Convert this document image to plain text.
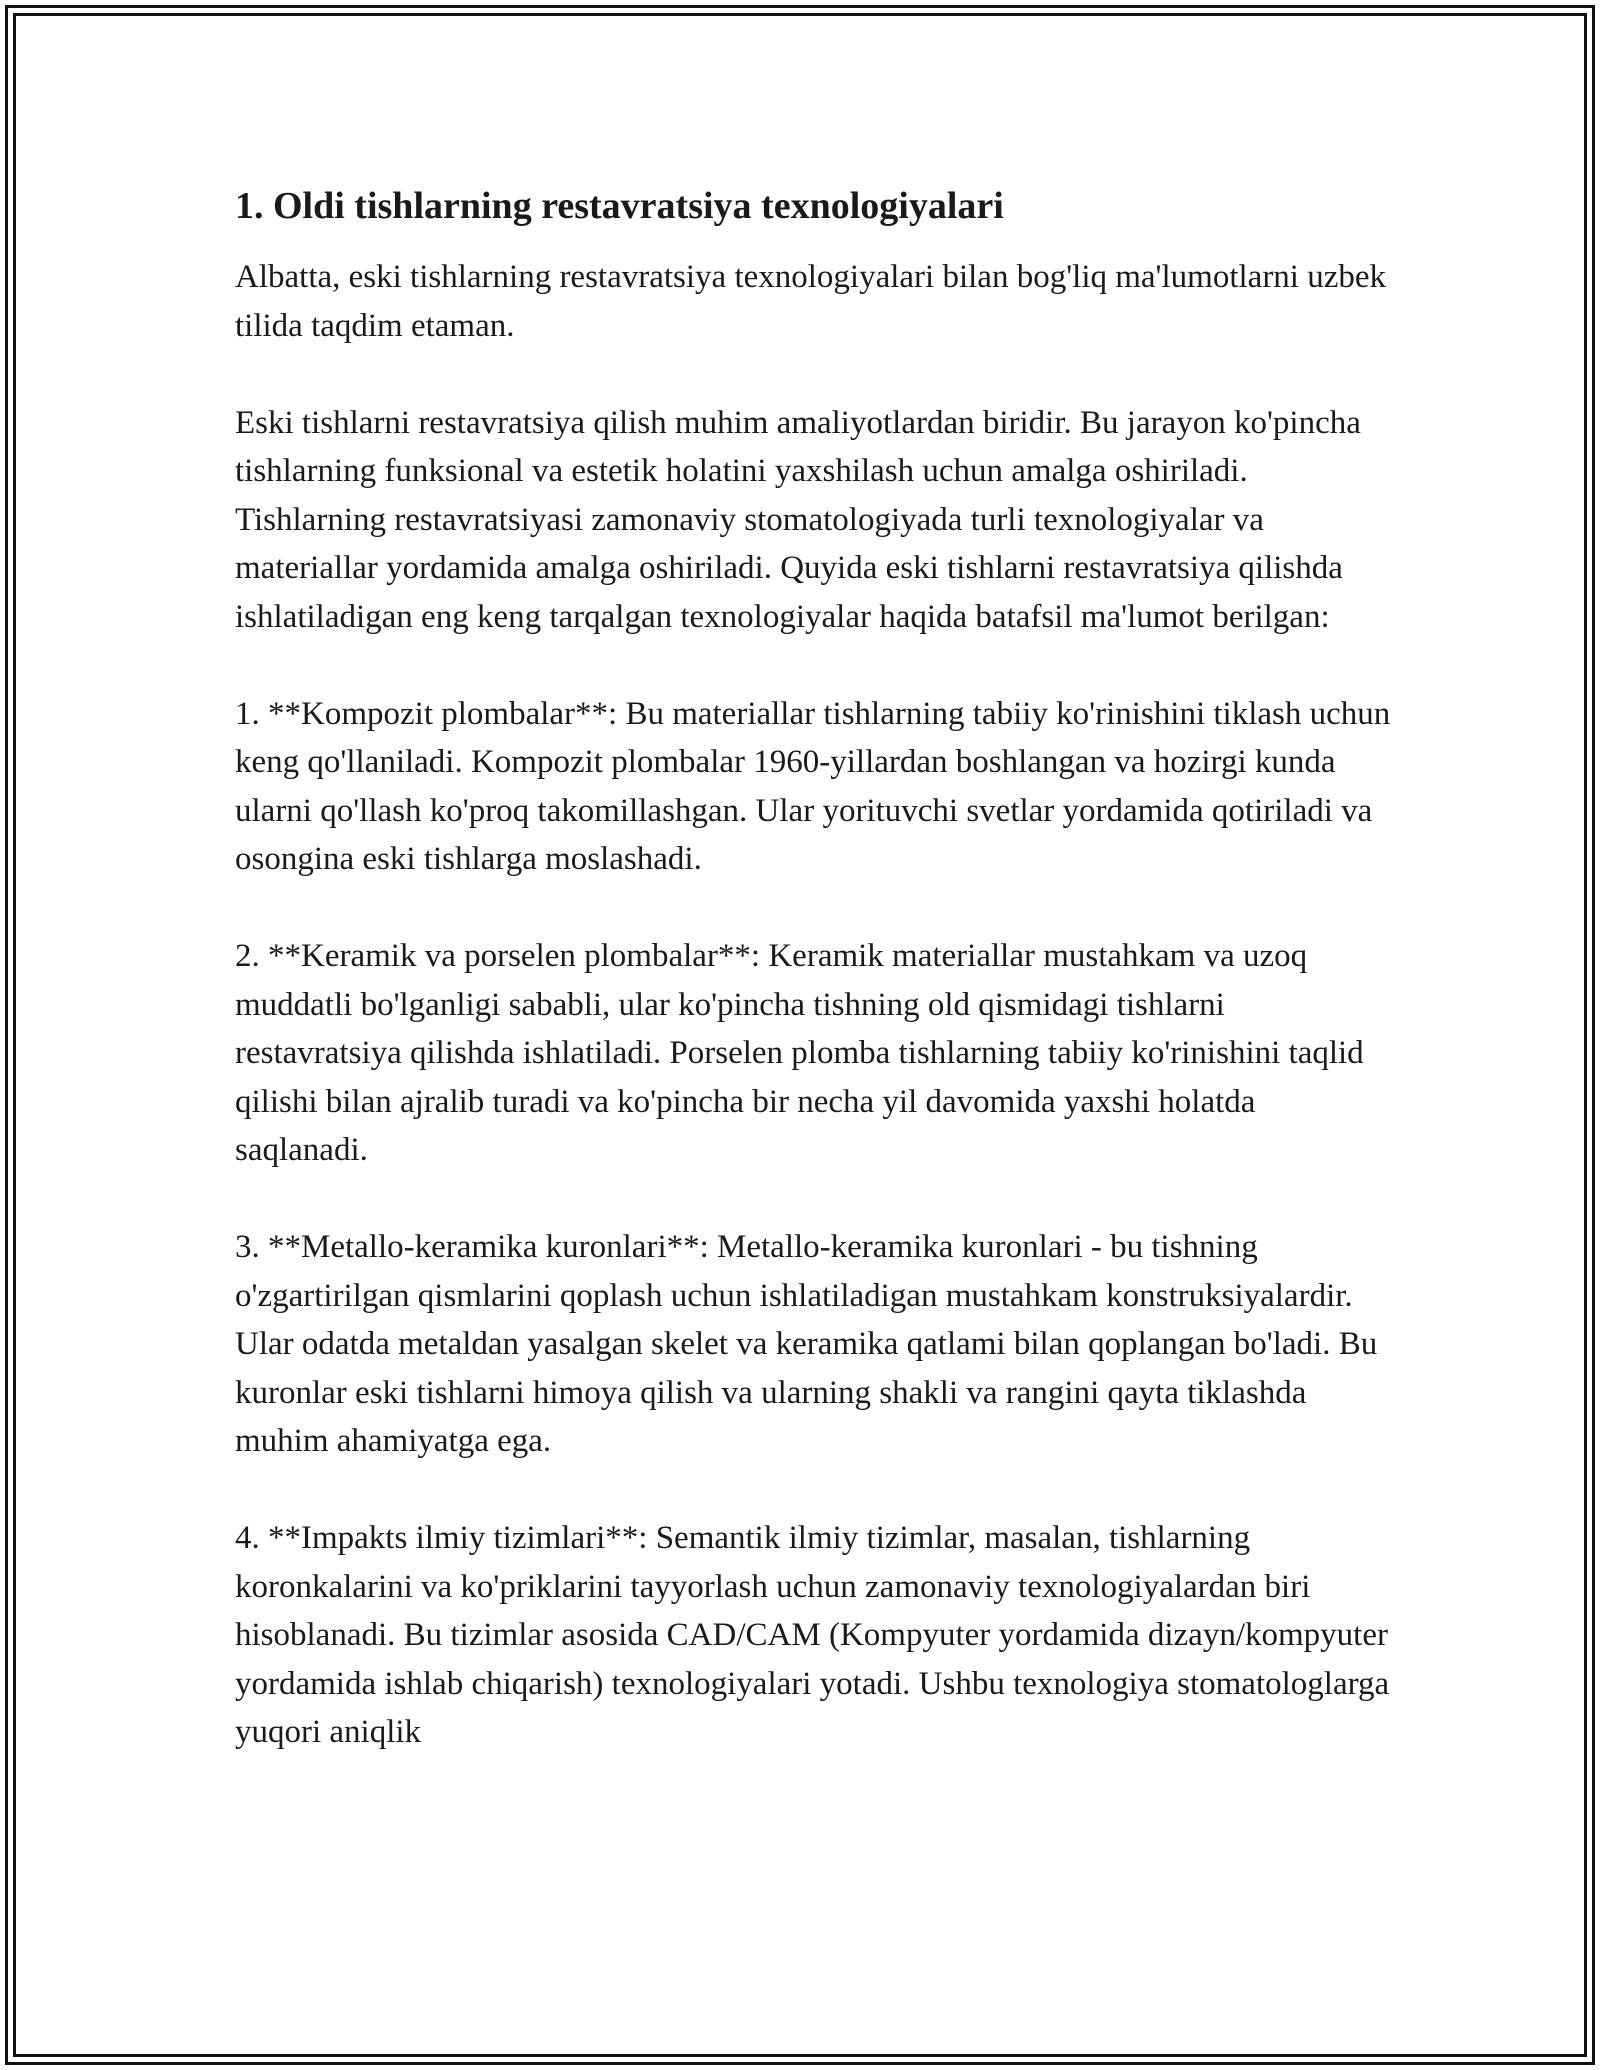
1. Oldi tishlarning restavratsiya texnologiyalari

Albatta, eski tishlarning restavratsiya texnologiyalari bilan bog'liq ma'lumotlarni uzbek tilida taqdim etaman.

Eski tishlarni restavratsiya qilish muhim amaliyotlardan biridir. Bu jarayon ko'pincha tishlarning funksional va estetik holatini yaxshilash uchun amalga oshiriladi. Tishlarning restavratsiyasi zamonaviy stomatologiyada turli texnologiyalar va materiallar yordamida amalga oshiriladi. Quyida eski tishlarni restavratsiya qilishda ishlatiladigan eng keng tarqalgan texnologiyalar haqida batafsil ma'lumot berilgan:

1. **Kompozit plombalar**: Bu materiallar tishlarning tabiiy ko'rinishini tiklash uchun keng qo'llaniladi. Kompozit plombalar 1960-yillardan boshlangan va hozirgi kunda ularni qo'llash ko'proq takomillashgan. Ular yorituvchi svetlar yordamida qotiriladi va osongina eski tishlarga moslashadi.

2. **Keramik va porselen plombalar**: Keramik materiallar mustahkam va uzoq muddatli bo'lganligi sababli, ular ko'pincha tishning old qismidagi tishlarni restavratsiya qilishda ishlatiladi. Porselen plomba tishlarning tabiiy ko'rinishini taqlid qilishi bilan ajralib turadi va ko'pincha bir necha yil davomida yaxshi holatda saqlanadi.

3. **Metallo-keramika kuronlari**: Metallo-keramika kuronlari - bu tishning o'zgartirilgan qismlarini qoplash uchun ishlatiladigan mustahkam konstruksiyalardir. Ular odatda metaldan yasalgan skelet va keramika qatlami bilan qoplangan bo'ladi. Bu kuronlar eski tishlarni himoya qilish va ularning shakli va rangini qayta tiklashda muhim ahamiyatga ega.

4. **Impakts ilmiy tizimlari**: Semantik ilmiy tizimlar, masalan, tishlarning koronkalarini va ko'priklarini tayyorlash uchun zamonaviy texnologiyalardan biri hisoblanadi. Bu tizimlar asosida CAD/CAM (Kompyuter yordamida dizayn/kompyuter yordamida ishlab chiqarish) texnologiyalari yotadi. Ushbu texnologiya stomatologlarga yuqori aniqlik
